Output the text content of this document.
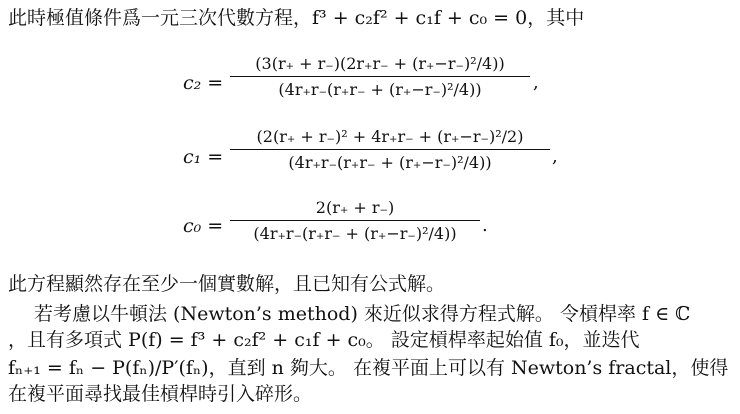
此時極值條件爲一元三次代數方程，f³ + c₂f² + c₁f + c₀ = 0，其中
c₂ =
(3(r₊ + r₋)(2r₊r₋ + (r₊−r₋)²/4))
(4r₊r₋(r₊r₋ + (r₊−r₋)²/4))	,
c₁ =
(2(r₊ + r₋)² + 4r₊r₋ + (r₊−r₋)²/2)
(4r₊r₋(r₊r₋ + (r₊−r₋)²/4))	,
c₀ =
2(r₊ + r₋)
(4r₊r₋(r₊r₋ + (r₊−r₋)²/4))	.
此方程顯然存在至少一個實數解，且已知有公式解。
若考慮以牛頓法 (Newton’s method) 來近似求得方程式解。 令槓桿率 f ∈ ℂ
，且有多項式 P(f) = f³ + c₂f² + c₁f + c₀。 設定槓桿率起始值 f₀，並迭代
fₙ₊₁ = fₙ − P(fₙ)/P′(fₙ)，直到 n 夠大。 在複平面上可以有 Newton’s fractal，使得
在複平面尋找最佳槓桿時引入碎形。
